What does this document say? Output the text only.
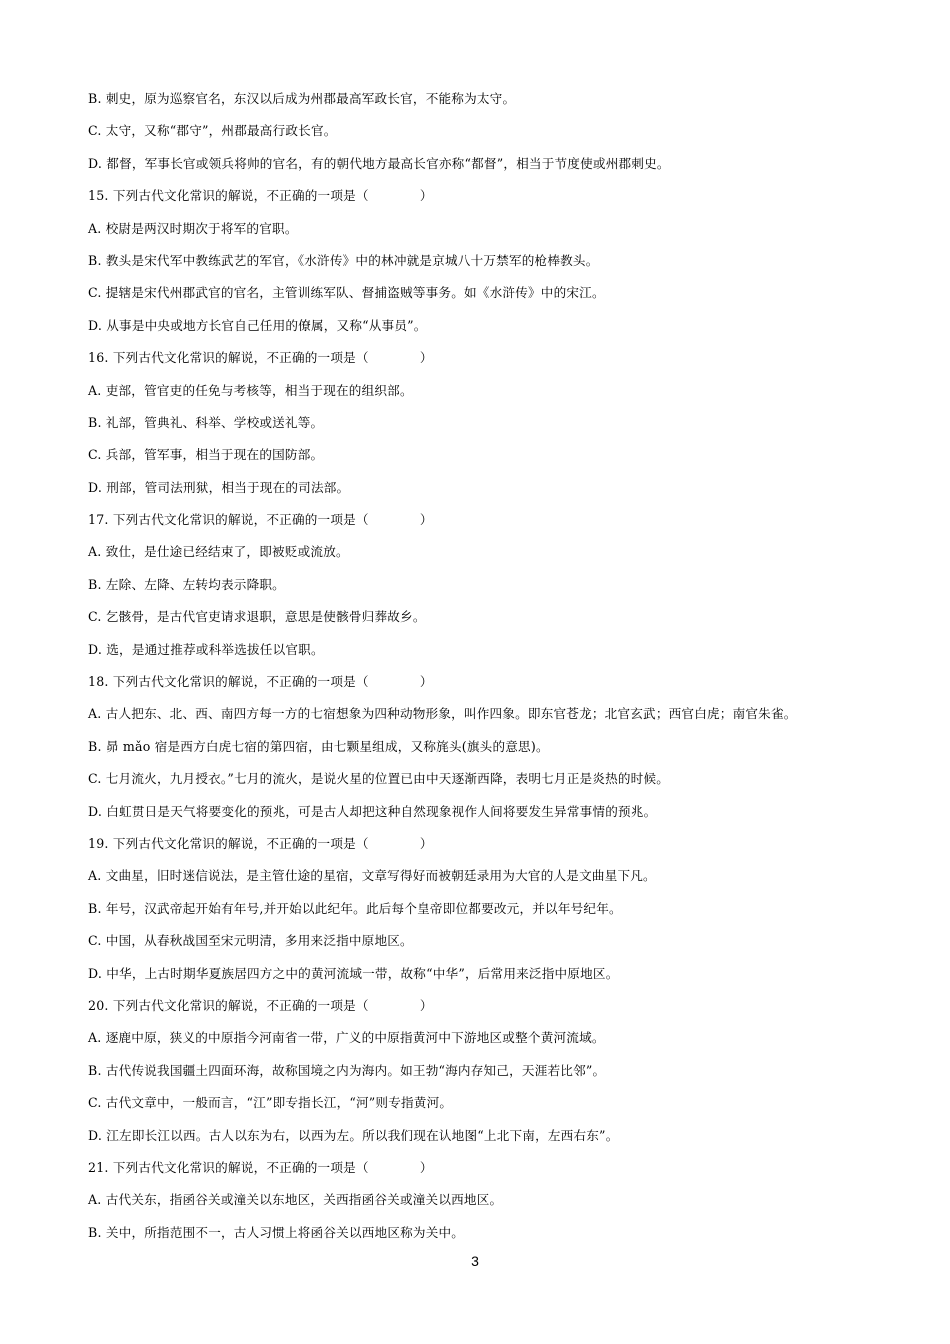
B. 刺史，原为巡察官名，东汉以后成为州郡最高军政长官，不能称为太守。
C. 太守，又称“郡守”，州郡最高行政长官。
D. 都督，军事长官或领兵将帅的官名，有的朝代地方最高长官亦称“都督”，相当于节度使或州郡刺史。
15. 下列古代文化常识的解说，不正确的一项是（　　　　）
A. 校尉是两汉时期次于将军的官职。
B. 教头是宋代军中教练武艺的军官，《水浒传》中的林冲就是京城八十万禁军的枪棒教头。
C. 提辖是宋代州郡武官的官名，主管训练军队、督捕盗贼等事务。如《水浒传》中的宋江。
D. 从事是中央或地方长官自己任用的僚属，又称“从事员”。
16. 下列古代文化常识的解说，不正确的一项是（　　　　）
A. 吏部，管官吏的任免与考核等，相当于现在的组织部。
B. 礼部，管典礼、科举、学校或送礼等。
C. 兵部，管军事，相当于现在的国防部。
D. 刑部，管司法刑狱，相当于现在的司法部。
17. 下列古代文化常识的解说，不正确的一项是（　　　　）
A. 致仕，是仕途已经结束了，即被贬或流放。
B. 左除、左降、左转均表示降职。
C. 乞骸骨，是古代官吏请求退职，意思是使骸骨归葬故乡。
D. 选，是通过推荐或科举选拔任以官职。
18. 下列古代文化常识的解说，不正确的一项是（　　　　）
A. 古人把东、北、西、南四方每一方的七宿想象为四种动物形象，叫作四象。即东官苍龙；北官玄武；西官白虎；南官朱雀。
B. 昴 mǎo 宿是西方白虎七宿的第四宿，由七颗星组成，又称旄头(旗头的意思)。
C. 七月流火，九月授衣。”七月的流火，是说火星的位置已由中天逐渐西降，表明七月正是炎热的时候。
D. 白虹贯日是天气将要变化的预兆，可是古人却把这种自然现象视作人间将要发生异常事情的预兆。
19. 下列古代文化常识的解说，不正确的一项是（　　　　）
A. 文曲星，旧时迷信说法，是主管仕途的星宿，文章写得好而被朝廷录用为大官的人是文曲星下凡。
B. 年号，汉武帝起开始有年号,并开始以此纪年。此后每个皇帝即位都要改元，并以年号纪年。
C. 中国，从春秋战国至宋元明清，多用来泛指中原地区。
D. 中华，上古时期华夏族居四方之中的黄河流域一带，故称“中华”，后常用来泛指中原地区。
20. 下列古代文化常识的解说，不正确的一项是（　　　　）
A. 逐鹿中原，狭义的中原指今河南省一带，广义的中原指黄河中下游地区或整个黄河流域。
B. 古代传说我国疆土四面环海，故称国境之内为海内。如王勃“海内存知己，天涯若比邻”。
C. 古代文章中，一般而言，“江”即专指长江，“河”则专指黄河。
D. 江左即长江以西。古人以东为右，以西为左。所以我们现在认地图“上北下南，左西右东”。
21. 下列古代文化常识的解说，不正确的一项是（　　　　）
A. 古代关东，指函谷关或潼关以东地区，关西指函谷关或潼关以西地区。
B. 关中，所指范围不一，古人习惯上将函谷关以西地区称为关中。
3
